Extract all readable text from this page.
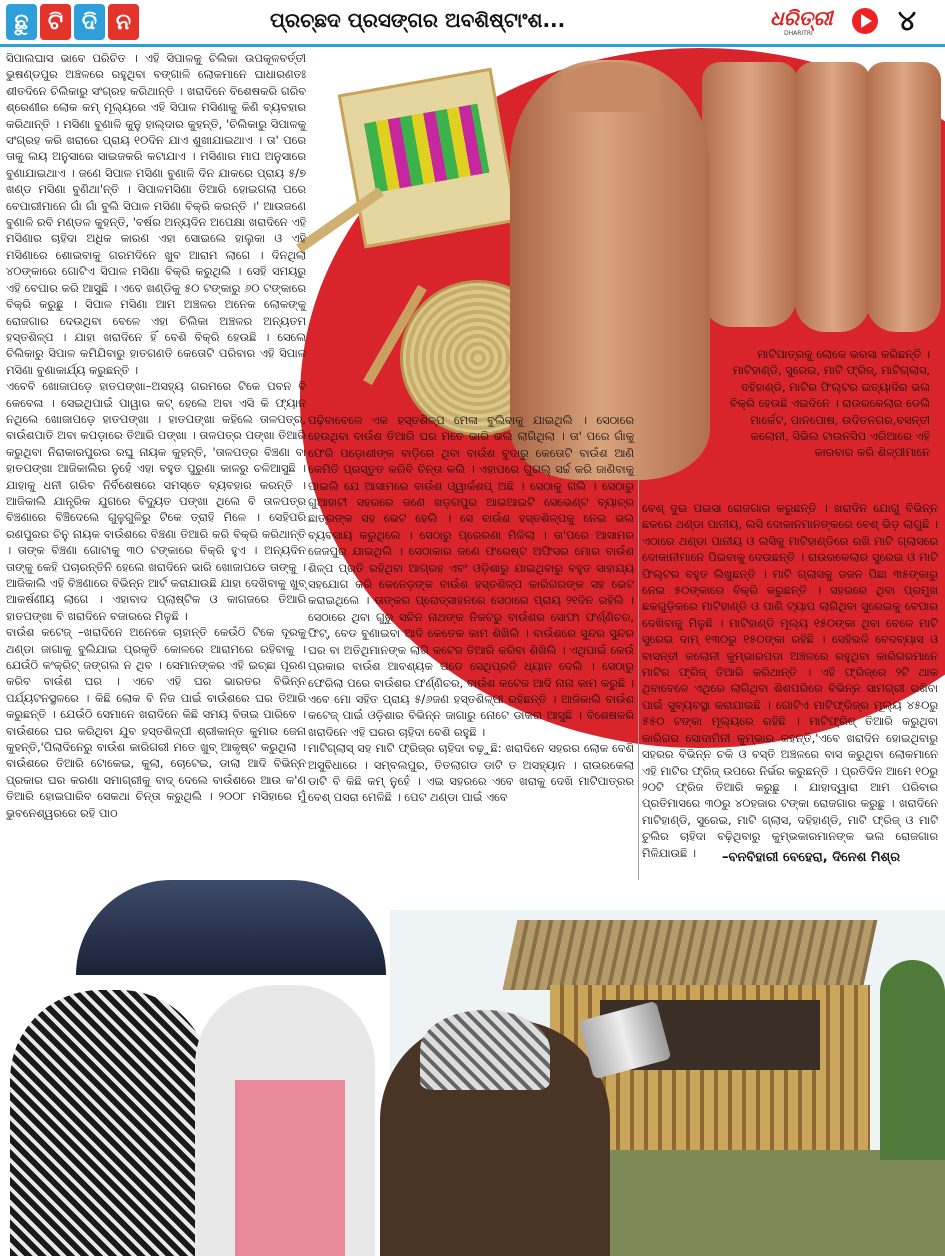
ଛୁ ଟି ଦି ନ	ପ୍ରଚ୍ଛଦ ପ୍ରସଙ୍ଗର ଅବଶିଷ୍ଟାଂଶ...	ଧରିତ୍ରୀ
DHARITRI	୪

ସିପାଲଘାସ ଭାବେ ପରିଚିତ । ଏହି ସିପାଳକୁ ଚିଲିକା ଉପକୂଳବର୍ତ୍ତୀ ଭୁଷଣ୍ଡପୁର ଅଞ୍ଚଳରେ ରହୁଥିବା ବଙ୍ଗାଳି ଲୋକମାନେ ଘାଧାରଣତଃ ଶୀତଦିନେ ଚିଲିକାରୁ ସଂଗ୍ରହ କରିଥାନ୍ତି । ଖରାଦିନେ ବିଶେଷକରି ଗରିବ ଶ୍ରେଣୀର ଲୋକ କମ୍ ମୂଲ୍ୟରେ ଏହି ସିପାଳ ମସିଣାକୁ କିଣି ବ୍ୟବହାର କରିଥାନ୍ତି । ମସିଣା ବୁଣାଳି କୁନୁ ହାଲ୍‌ଦାର କୁହନ୍ତି, 'ଚିଲିକାରୁ ସିପାଳକୁ ସଂଗ୍ରହ କରି ଖରାରେ ପ୍ରାୟ ୧୦ଦିନ ଯାଏ ଶୁଖାଯାଇଥାଏ । ତା' ପରେ ତାକୁ ଲୟ ଅନୁସାରେ ସାଇଜକରି କଟାଯାଏ । ମସିଣାର ମାପ ଅନୁସାରେ ବୁଣାଯାଇଥାଏ । ଜଣେ ସିପାଳ ମସିଣା ବୁଣାଳି ଦିନ ଯାକରେ ପ୍ରାୟ ୫/୭ ଖଣ୍ଡ ମସିଣା ବୁଣିଥା'ନ୍ତି । ସିପାଳମସିଣା ତିଆରି ହୋଇଗଲା ପରେ ବେପାରୀମାନେ ଗାଁ ଗାଁ ବୁଲି ସିପାଳ ମସିଣା ବିକ୍ରି କରନ୍ତି ।' ଆଉଜଣେ ବୁଣାଳି ରବି ମଣ୍ଡଳ କୁହନ୍ତି, 'ବର୍ଷର ଅନ୍ୟଦିନ ଅପେକ୍ଷା ଖରାଦିନେ ଏହି ମସିଣାର ଚାହିଦା ଅଧିକ କାରଣ ଏହା ସୋଇଲେ ହାଲୁକା ଓ ଏହି ମସିଣାରେ ଶୋଇବାକୁ ଗରମଦିନେ ଖୁବ ଆରାମ ଲାଗେ । ଦିନଥିଲା ୪୦ଙ୍କାରେ ଗୋଟିଏ ସିପାଳ ମସିଣା ବିକ୍ରି କରୁଥିଲି । ସେହି ସମୟରୁ ଏହି ବେପାର କରି ଆସୁଛି । ଏବେ ଖଣ୍ଡିକୁ ୫୦ ଟଙ୍କାରୁ ୬୦ ଟଙ୍କାରେ ବିକ୍ରି କରୁଛୁ । ସିପାଳ ମସିଣା ଆମ ଅଞ୍ଚଳର ଅନେକ ଲୋକଙ୍କୁ ରୋଜଗାର ଦେଉଥିବା ବେଳେ ଏହା ଚିଲିକା ଅଞ୍ଚଳର ଅନ୍ୟତମ ହସ୍ତଶିଳ୍ପ । ଯାହା ଖରାଦିନେ ହିଁ ବେଶି ବିକ୍ରି ହେଉଛି । ସେଲେ ଚିଲିକାରୁ ସିପାଳ କମିଯିବାରୁ ହାତଗଣତି କେତୋଟି ପରିବାର ଏହି ସିପାଳ ମସିଣା ବୁଣାକାର୍ଯ୍ୟ କରୁଛନ୍ତି ।

ଏବେବି ଖୋଜାପଡ଼େ ହାତପଙ୍ଖା–ଅସହ୍ୟ ଗରମରେ ଟିକେ ପବନ ବି କେବେଳା । ସେଇଥିପାଇଁ ପାୱାର କଟ୍ ହେଲେ ଅବା ଏସି କି ଫ୍ୟାନ ନଥିଲେ ଖୋଜାପଡ଼େ ହାତପଙ୍ଖା । ହାତପଙ୍ଖା କହିଲେ ତାଳପତ୍ର, ବାଉଁଶପାତି ଅବା କପଡ଼ାରେ ତିଆରି ପଙ୍ଖା । ତାଳପତ୍ର ପଙ୍ଖା ତିଆରି କରୁଥିବା ନିରାକାରପୁରର ରଘୁ ନାୟକ କୁହନ୍ତି, 'ତାଳପତ୍ର ବିଞ୍ଚଣା ବା ହାତପଙ୍ଖା ଆଜିକାଲିର ନୁହେଁ ଏହା ବହୁତ ପୁରୁଣା କାଳରୁ ଚଳିଆସୁଛି । ଯାହାକୁ ଧନୀ ଗରିବ ନିର୍ବିଶେଷରେ ସମସ୍ତେ ବ୍ୟବହାର କରନ୍ତି । ଆଜିକାଲି ଯାନ୍ତ୍ରିକ ଯୁଗରେ ବିଦ୍ୟୁତ ପଙ୍ଖା ଥିଲେ ବି ତାଳପତ୍ର ବିଞ୍ଚଣାରେ ବିଞ୍ଚିଦେଲେ ଗୁଳୁଗୁଳିରୁ ଟିକେ ତ୍ରାହି ମିଳେ । ସେହିପରି ରଣପୁରର ଚିନୁ ନାୟକ ବାଉଁଶରେ ବିଞ୍ଚଣା ତିଆରି କରି ବିକ୍ରି କରିଥାନ୍ତି । ତାଙ୍କ ବିଞ୍ଚଣା ଗୋଟାକୁ ୩୦ ଟଙ୍କାରେ ବିକ୍ରି ହୁଏ । ଅନ୍ୟଦିନ ତାଙ୍କୁ କେହି ପଚାରନ୍ତିନି ହେଲେ ଖରାଦିନେ ଭାରି ଖୋଜାପଡେ ତାଙ୍କୁ । ଆଜିକାଲି ଏହି ବିଞ୍ଚଣାରେ ବିଭିନ୍ନ ଆର୍ଟ କରାଯାଉଛି ଯାହା ଦେଖିବାକୁ ଖୁବ୍ ଆକର୍ଷଣୀୟ ଲାଗେ । ଏହାବାଦ ପ୍ଲାଷ୍ଟିକ ଓ କାଗଜରେ ତିଆରି ହାତପଙ୍ଖା ବି ଖରାଦିନେ ବଜାରରେ ମିଳୁଛି ।

ବାଉଁଶ କଟେଜ୍ –ଖରାଦିନେ ଅନେକେ ଚାହାନ୍ତି କେଉଁଠି ଟିକେ ଦୂରକୁ ଥଣ୍ଡା ଜାଗାକୁ ବୁଲିଯାଇ ପ୍ରକୃତି କୋଳରେ ଆରାମରେ ରହିବାକୁ । ଯେଉଁଠି କଂକ୍ରିଟ୍ ଜଙ୍ଗଲ ନ ଥିବ । ସେମାନଙ୍କର ଏହି ଇଚ୍ଛା ପୂରଣ କରିବ ବାଉଁଶ ଘର । ଏବେ ଏହି ଘର ଭାରତର ବିଭିନ୍ନ ପର୍ଯ୍ୟଟନସ୍ଥଳରେ । କିଛି ଲୋକ ବି ନିଜ ପାଇଁ ବାଉଁଶରେ ଘର ତିଆରି କରୁଛନ୍ତି । ଯେଉଁଠି ସେମାନେ ଖରାଦିନେ କିଛି ସମୟ ବିତାଇ ପାରିବେ । ବାଉଁଶରେ ଘର କରିଥିବା ଯୁବ ହସ୍ତଶିଳ୍ପୀ ଶ୍ରୀକାନ୍ତ କୁମାର ଜେନା କୁହନ୍ତି,'ପିଲାଦିନେରୁ ବାଉଁଶ କାରିଗରୀ ମତେ ଖୁବ୍ ଆକୃଷ୍ଟ କରୁଥିଲା । ବାଉଁଶରେ ତିଆରି ଟୋକେଇ, କୁଲା, ଚୋଟେଇ, ଡାଲା ଆଦି ବିଭିନ୍ନ ପ୍ରକାର ଘର କରଣା ସମାଗ୍ରୀକୁ ବାଦ୍ ଦେଲେ ବାଉଁଶରେ ଆଉ କ'ଣ ତିଆରି ହୋଇପାରିବ ସେକଥା ଚିନ୍ତା କରୁଥିଲି । ୨୦୦୮ ମସିହାରେ ମୁଁ ଭୁବନେଶ୍ୱରରେ ରହି ପାଠ

ପଢ଼ିବାବେଳେ ଏକ ହସ୍ତଶିଳ୍ପ ମେଳା ବୁଲିବାକୁ ଯାଇଥିଲି । ସେଠାରେ ହେଉଥିବା ବାଉଁଶ ତିଆରି ଘର ମତେ ଭାରି ଭଲ ଲାଗିଥିଲା । ତା' ପରେ ଗାଁକୁ ଫେରି ପଡ଼ୋଶୀଙ୍କ ବାଡ଼ିରେ ଥିବା ବାଉଁଶ ବୁଦାରୁ କେତୋଟି ବାଉଁଶ ଆଣି କେମିତି ପ୍ରସ୍ତୁତ କରିବି ଚିନ୍ତା କଲି । ଏହାପରେ ଗୁଗଲ୍ ସର୍ଚ୍ଚ କରି ଜାଣିବାକୁ ପାଇଲି ଯେ ଆସାମରେ ବାଉଁଶ ଓ୍ୱାର୍କଶପ୍ ଅଛି । ସେଠାକୁ ଗଲି । ସେଠାରୁ ଗୁଆହାଟୀ ସହରରେ ଜଣେ ଖଡ଼ଗପୁର ଆଇଆଇଟି ସେଭେଣ୍ଟ ବ୍ୟାଚ୍ର ଛାତ୍ରଙ୍କ ସହ ଭେଟ ହେଲି । ସେ ବାଉଁଶ ହସ୍ତଶିଳ୍ପକୁ ନେଇ ଭଲ ବ୍ୟବସାୟ କରୁଥିଲେ । ସେଠାରୁ ପ୍ରେରଣା ମିଳିଲା । ତା'ପରେ ଆସାମର ଜେଜପୁର ଯାଇଥିଲି । ସେଠାକାର ଜଣେ ଫରେଷ୍ଟ ଅଫିସର ମୋର ବାଉଁଶ ଶିଳ୍ପ ପ୍ରତି ରହିଥିବା ଆଗ୍ରହ ଏବଂ ଓଡ଼ିଶାରୁ ଯାଇଥିବାରୁ ବହୁତ ସାହାଯ୍ୟ ସହଯୋଗ କରି କେନେଡ଼ଙ୍କ ବାଉଁଶ ହସ୍ତଶିଳ୍ପ କାରିଗରଙ୍କ ସହ ଭେଟ କରାଇଥିଲେ । ତାଙ୍କର ପ୍ରୋତ୍ସାହନରେ ସେଠାରେ ପ୍ରାୟ ୨୧ଦିନ ରହିଲି । ସେଠାରେ ଥିବା ଗୁରୁ ସଚିନ ନାଥଙ୍କ ନିକଟରୁ ବାଉଁଶର ସୋଫା ଫର୍ଣ୍ଣିଚର, ଫିଟ୍, ବେଡ ବୁଣାଇବା ଆଦି କେତେକ କାମ ଶିଖିଲି । ବାଉଁଶରେ ସୁନ୍ଦର ସୁନ୍ଦର ଘର ବା ଅତିଥିମାନଙ୍କ ଲାଗି କଟେଜ ତିଆରି କରିବା ଶିଖିଲି । ଏଥିପାଇଁ କେଉଁ ପ୍ରକାର ବାଉଁଶ ଆବଶ୍ୟକ ପଡେ ସେଥିପ୍ରତି ଧ୍ୟାନ ଦେଲି । ସେଠାରୁ ଫେରିଲା ପରେ ବାଉଁଶର ଫର୍ଣ୍ଣିଚର, ବାଉଁଶ କଟେଜ ଆଦି ନାନା କାମ କରୁଛି । ଏବେ ମୋ ସହିତ ପ୍ରାୟ ୫/୬ଜଣ ହସ୍ତଶିଳ୍ପୀ ରହିଛନ୍ତି । ଆଜିକାଲି ବାଉଁଶ କଟେଜ୍ ପାଇଁ ଓଡ଼ିଶାର ବିଭିନ୍ନ ଜାଗାରୁ ନୋଟେ ଡାକରା ଆସୁଛି । ବିଶେଷକରି ଖରାଦିନେ ଏହି ଘରର ଚାହିଦା ବେଶି ରହୁଛି ।

ମାଟିଗ୍ଲାସ୍ ସହ ମାଟି ଫ୍ରିଜ୍‌ର ଚାହିଦା ବଢ଼ୁଛି: ଖରାଦିନେ ସହରର ଲୋକ ବେଶି ଅସୁବିଧାରେ । ସମ୍ବଲପୁର, ତିତଲାଗଡ ଡାଟି ତ ଅସହ୍ୟାନ । ରାଉରକେଲା ଡାଟି ବି କିଛି କମ୍ ନୁହେଁ । ଏଇ ସହରରେ ଏବେ ଖରାକୁ ଦେଖି ମାଟିପାତ୍ରର ବେଶ୍ ପସରା ମେଳିଛି । ପେଟ ଥଣ୍ଡା ପାଇଁ ଏବେ

ମାଟିପାତ୍ରକୁ ଲୋକେ ଭରସା କରିଛନ୍ତି । ମାଟିହାଣ୍ଡି, ସୁରେଇ, ମାଟି ଫ୍ରିଜ୍, ମାଟିଗ୍ଲାସ, ଦହିହାଣ୍ଡି, ମାଟିର ଫିଲ୍‌ଟର ଇତ୍ୟାଦିର ଭଲ ବିକ୍ରି ହେଉଛି ଏଇଦିନେ । ରାଉରକେଲାର ଡେଲି ମାର୍କେଟ, ପାନପୋଷ, ଉଦିତନଗର,ବସନ୍ତୀ କଲୋନୀ, ସିଭିଲ ଟାଉନସିପ ଏରିଆରେ ଏହି କାରବାର କରି ଶିଳ୍ପୀମାନେ

ବେଶ୍ ଦୁଇ ପଇସା ରୋଜଗାର କରୁଛନ୍ତି । ଖରାଦିନ ଯୋଗୁ ବିଭିନ୍ନ ଛକରେ ଥଣ୍ଡା ପାନୀୟ, ଲସି ଦୋକାନମାନଙ୍କରେ ବେଶ୍ ଭିଡ଼ ଲାଗୁଛି । ଏଠାରେ ଥଣ୍ଡା ପାନୀୟ ଓ ଲସିକୁ ମାଟିହାଣ୍ଡିରେ ରଖି ମାଟି ଗ୍ଲାସରେ ଦୋକାନୀମାନେ ପିଇବାକୁ ଦେଉଛନ୍ତି । ରାଉରକେଲାର ସୁରେଇ ଓ ମାଟି ଫିଲ୍ଟର ବହୁତ ଲିଖୁଛନ୍ତି । ମାଟି ଗ୍ଲାସକୁ ଡଜନ ପିଛା ୩୫ଙ୍କାରୁ ନେଇ ୫୦ଙ୍କାରେ ବିକ୍ରି କରୁଛନ୍ତି । ସହରରେ ଥିବା ପ୍ରମୁଖ ଛକଗୁଡ଼ିକରେ ମାଟିହାଣ୍ଡି ଓ ପାଣି ଟ୍ୟାପ ଲାଗିଥିବା ସୁରେଇକୁ ବେପାର ଦେଖିବାକୁ ମିଳୁଛି । ମାଟିହାଣ୍ଡି ମୂଲ୍ୟ ୧୫୦ଙ୍କା ଥିବା ବେଳେ ମାଟି ସୁରେଇ ଦାମ୍ ୧୩୦ରୁ ୧୫୦ଙ୍କା ରହିଛି । ସେହିଭଳି ବେଦବ୍ୟାସ ଓ ବାସନ୍ତୀ କଲୋନୀ କୁମ୍ଭାରପଡା ଅଞ୍ଚଳରେ ରହୁଥିବା କାରିଗରମାନେ ମାଟିର ଫ୍ରିଜ୍ ତିଆରି କରିଥାନ୍ତି । ଏହି ଫ୍ରିଜ୍‌ରେ ୨ଟି ଥାକ ଥିବାବେଳେ ଏଥିରେ ଲାଗିଥିବା ଶିଶପରିରେ ବିଭିନ୍ନ ସାମଗ୍ରୀ ରଖିବା ପାଇଁ ସୁବ୍ୟବସ୍ଥା କରାଯାଇଛି । ଗୋଟିଏ ମାଟିଫ୍ରିଜ୍‌ର ମୂଲ୍ୟ ୪୫୦ରୁ ୫୫୦ ଟଙ୍କା ମୂଲ୍ୟରେ ରହିଛି । ମାଟିଫ୍ରିଜ୍ ତିଆରି କରୁଥିବା କାରିଗର ସୋଦାମିନୀ କୁମ୍ଭାର କହନ୍ତି,'ଏବେ ଖରାଦିନ ହୋଇଥିବାରୁ ସହରର ବିଭିନ୍ନ ଚକି ଓ ବସ୍ତି ଅଞ୍ଚଳରେ ବାସ କରୁଥିବା ଲୋକମାନେ ଏହି ମାଟିର ଫ୍ରିଜ୍ ଉପରେ ନିର୍ଭର କରୁଛନ୍ତି । ପ୍ରତିଦିନ ଆମେ ୧୦ରୁ ୨୦ଟି ଫ୍ରିଜ ତିଆରି କରୁଛୁ । ଯାହାଦ୍ୱାରା ଆମ ପରିବାର ପ୍ରତିମାସରେ ୩୦ରୁ ୪୦ହଜାର ଟଙ୍କା ରୋଜଗାର କରୁଛୁ । ଖରାଦିନେ ମାଟିହାଣ୍ଡି, ସୁରେଇ, ମାଟି ଗ୍ଲାସ, ଦହିହାଣ୍ଡି, ମାଟି ଫ୍ରିଜ୍ ଓ ମାଟି ଚୁଲିର ଚାହିଦା ବଢ଼ିଥିବାରୁ କୁମ୍ଭକାରମାନଙ୍କ ଭଲ ରୋଜଗାର ମିଳିଯାଉଛି ।	–ବନବିହାରୀ ବେହେରା, ଦିନେଶ ମିଶ୍ର
